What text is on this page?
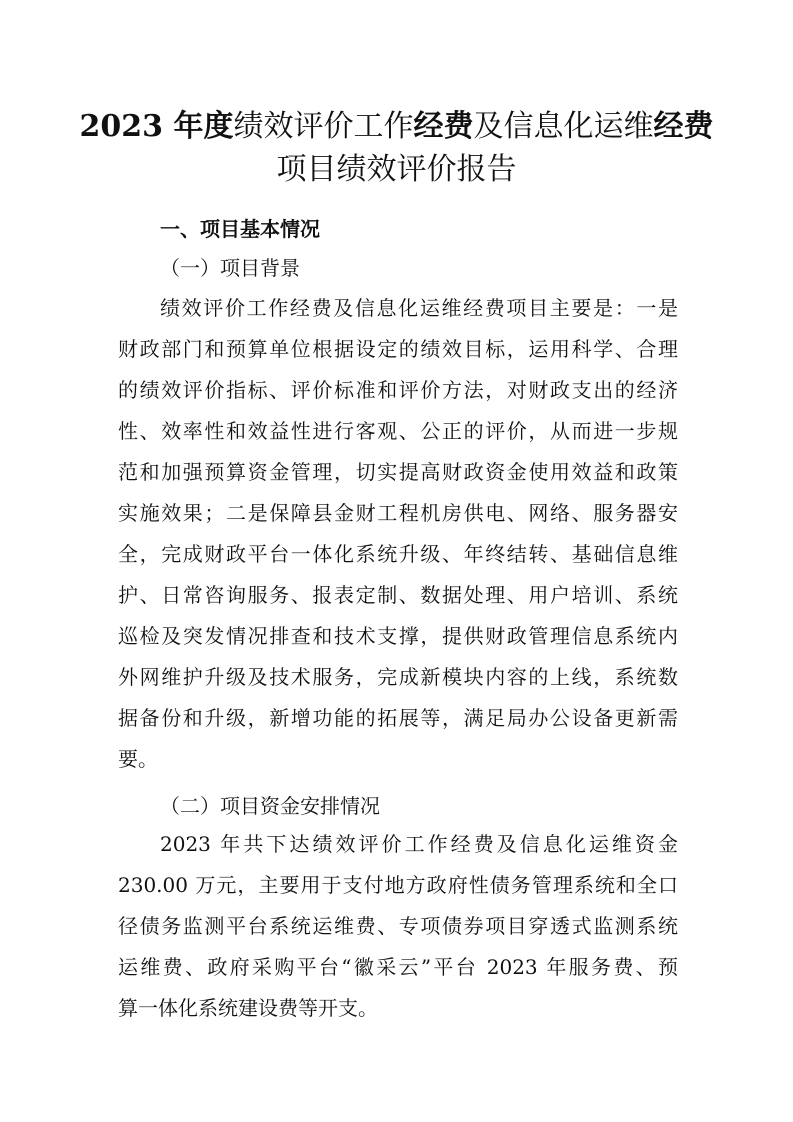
2023 年度绩效评价工作经费及信息化运维经费
项目绩效评价报告
一、项目基本情况
（一）项目背景
绩效评价工作经费及信息化运维经费项目主要是：一是
财政部门和预算单位根据设定的绩效目标，运用科学、合理
的绩效评价指标、评价标准和评价方法，对财政支出的经济
性、效率性和效益性进行客观、公正的评价，从而进一步规
范和加强预算资金管理，切实提高财政资金使用效益和政策
实施效果；二是保障县金财工程机房供电、网络、服务器安
全，完成财政平台一体化系统升级、年终结转、基础信息维
护、日常咨询服务、报表定制、数据处理、用户培训、系统
巡检及突发情况排查和技术支撑，提供财政管理信息系统内
外网维护升级及技术服务，完成新模块内容的上线，系统数
据备份和升级，新增功能的拓展等，满足局办公设备更新需
要。
（二）项目资金安排情况
2023 年共下达绩效评价工作经费及信息化运维资金
230.00 万元，主要用于支付地方政府性债务管理系统和全口
径债务监测平台系统运维费、专项债券项目穿透式监测系统
运维费、政府采购平台“徽采云”平台 2023 年服务费、预
算一体化系统建设费等开支。
